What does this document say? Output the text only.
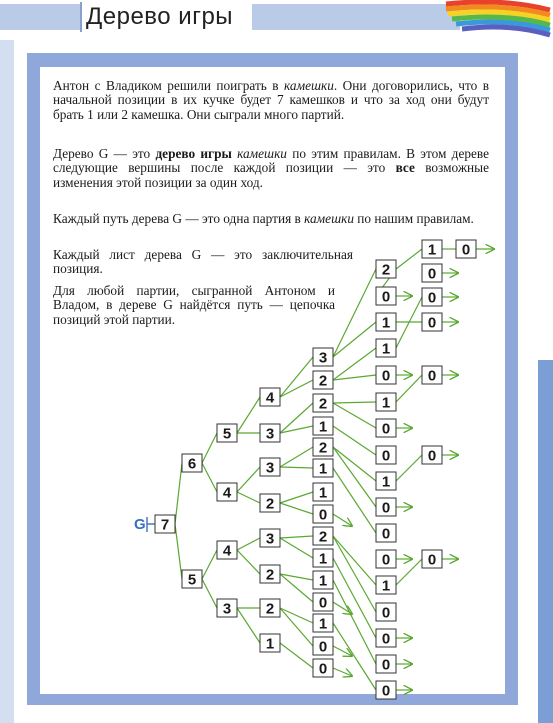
Дерево игры
Антон с Владиком решили поиграть в камешки. Они договорились, что в начальной позиции в их кучке будет 7 камешков и что за ход они будут брать 1 или 2 камешка. Они сыграли много партий.
Дерево G — это дерево игры камешки по этим правилам. В этом дереве следующие вершины после каждой позиции — это все возможные изменения этой позиции за один ход.
Каждый путь дерева G — это одна партия в камешки по нашим правилам.
Каждый лист дерева G — это заключительная позиция.
Для любой партии, сыгранной Антоном и Владом, в дереве G найдётся путь — цепочка позиций этой партии.
G 7
6
5
5
4
4
3
4
3
3
2
3
2
2
1
3
2
2
1
2
1
1
0
2
1
1
0
1
0
0
2
0
1
1
0
1
0
0
1
0
0
0
1
0
0
0
0
1
0
0
0
0
0
0
0
